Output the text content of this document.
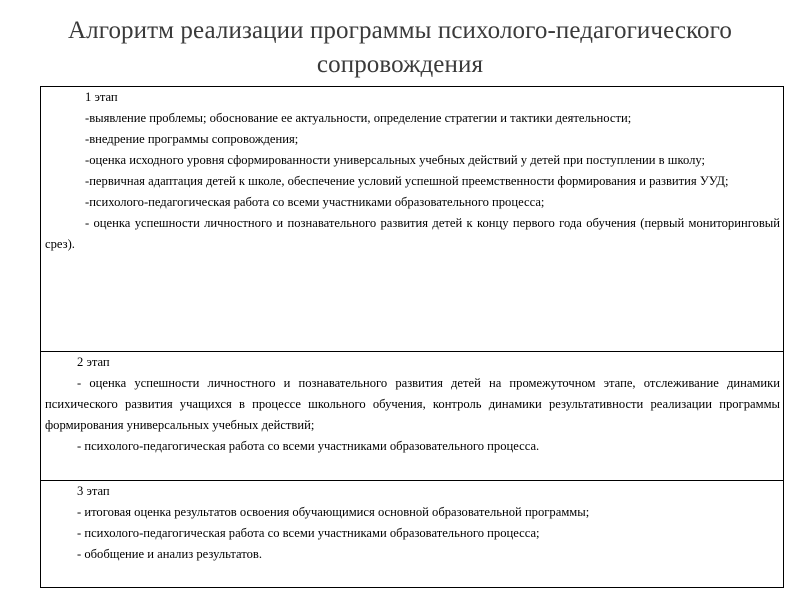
Алгоритм реализации программы психолого-педагогического сопровождения

1 этап

-выявление проблемы; обоснование ее актуальности, определение стратегии и тактики деятельности;

-внедрение программы сопровождения;

-оценка исходного уровня сформированности универсальных учебных действий у детей при поступлении в школу;

-первичная адаптация детей к школе, обеспечение условий успешной преемственности формирования и развития УУД;

-психолого-педагогическая работа со всеми участниками образовательного процесса;

- оценка успешности личностного и познавательного развития детей к концу первого года обучения (первый мониторинговый срез).

2 этап

- оценка успешности личностного и познавательного развития детей на промежуточном этапе, отслеживание динамики психического развития учащихся в процессе школьного обучения, контроль динамики результативности реализации программы формирования универсальных учебных действий;

- психолого-педагогическая работа со всеми участниками образовательного процесса.

3 этап

- итоговая оценка результатов освоения обучающимися основной образовательной программы;

- психолого-педагогическая работа со всеми участниками образовательного процесса;

- обобщение и анализ результатов.
